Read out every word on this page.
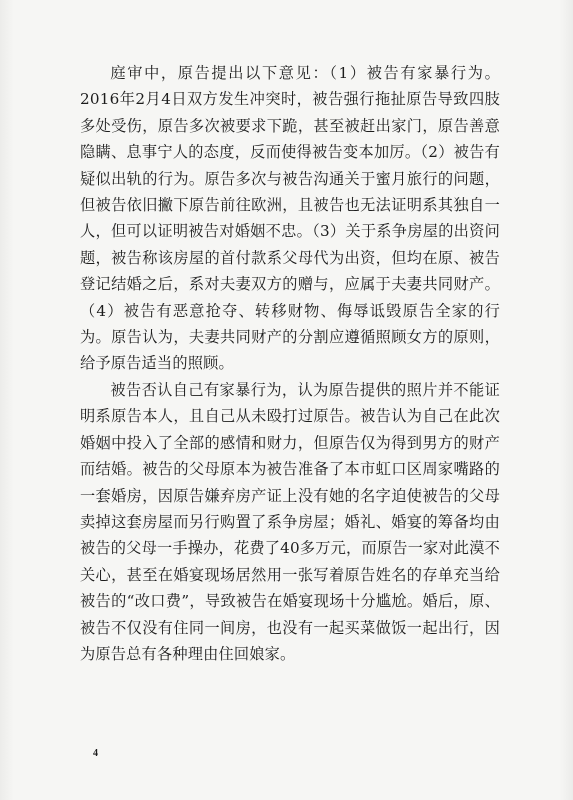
庭审中，原告提出以下意见：（1）被告有家暴行为。2016年2月4日双方发生冲突时，被告强行拖扯原告导致四肢多处受伤，原告多次被要求下跪，甚至被赶出家门，原告善意隐瞒、息事宁人的态度，反而使得被告变本加厉。（2）被告有疑似出轨的行为。原告多次与被告沟通关于蜜月旅行的问题，但被告依旧撇下原告前往欧洲，且被告也无法证明系其独自一人，但可以证明被告对婚姻不忠。（3）关于系争房屋的出资问题，被告称该房屋的首付款系父母代为出资，但均在原、被告登记结婚之后，系对夫妻双方的赠与，应属于夫妻共同财产。（4）被告有恶意抢夺、转移财物、侮辱诋毁原告全家的行为。原告认为，夫妻共同财产的分割应遵循照顾女方的原则，给予原告适当的照顾。

被告否认自己有家暴行为，认为原告提供的照片并不能证明系原告本人，且自己从未殴打过原告。被告认为自己在此次婚姻中投入了全部的感情和财力，但原告仅为得到男方的财产而结婚。被告的父母原本为被告准备了本市虹口区周家嘴路的一套婚房，因原告嫌弃房产证上没有她的名字迫使被告的父母卖掉这套房屋而另行购置了系争房屋；婚礼、婚宴的筹备均由被告的父母一手操办，花费了40多万元，而原告一家对此漠不关心，甚至在婚宴现场居然用一张写着原告姓名的存单充当给被告的“改口费”，导致被告在婚宴现场十分尴尬。婚后，原、被告不仅没有住同一间房，也没有一起买菜做饭一起出行，因为原告总有各种理由住回娘家。

4
